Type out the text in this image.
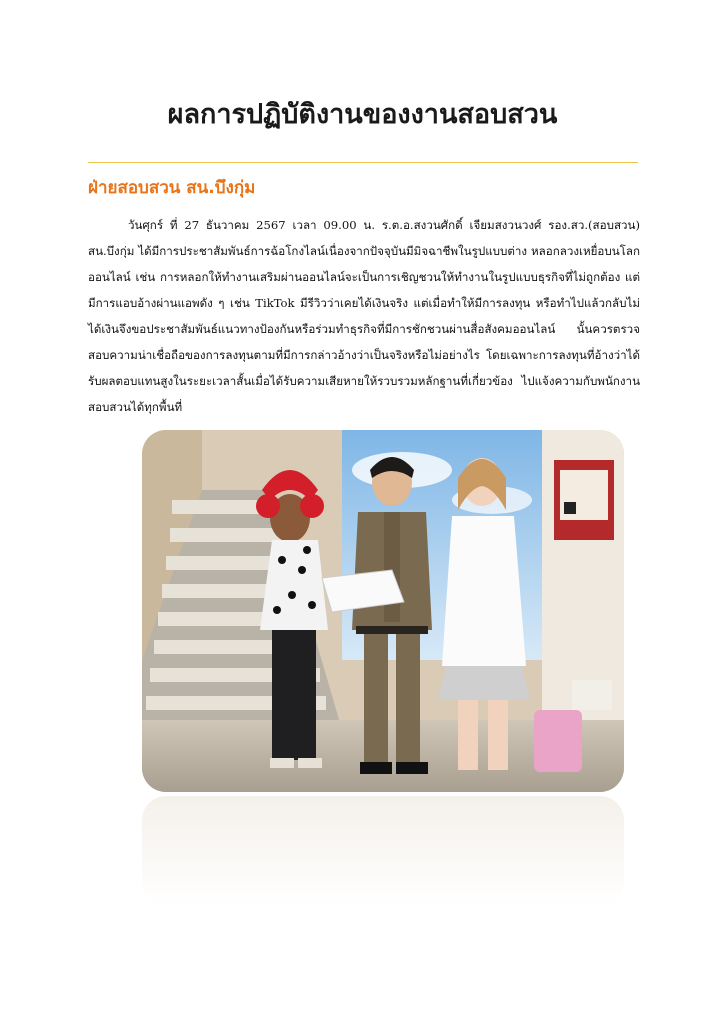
ผลการปฏิบัติงานของงานสอบสวน
ฝ่ายสอบสวน สน.บึงกุ่ม

วันศุกร์ ที่ 27 ธันวาคม 2567 เวลา 09.00 น. ร.ต.อ.สงวนศักดิ์ เจียมสงวนวงศ์ รอง.สว.(สอบสวน) สน.บึงกุ่ม ได้มีการประชาสัมพันธ์การฉ้อโกงไลน์เนื่องจากปัจจุบันมีมิจฉาชีพในรูปแบบต่าง หลอกลวงเหยื่อบนโลกออนไลน์ เช่น การหลอกให้ทำงานเสริมผ่านออนไลน์จะเป็นการเชิญชวนให้ทำงานในรูปแบบธุรกิจที่ไม่ถูกต้อง แต่มีการแอบอ้างผ่านแอพดัง ๆ เช่น TikTok มีรีวิวว่าเคยได้เงินจริง แต่เมื่อทำให้มีการลงทุน หรือทำไปแล้วกลับไม่ได้เงินจึงขอประชาสัมพันธ์แนวทางป้องกันหรือร่วมทำธุรกิจที่มีการชักชวนผ่านสื่อสังคมออนไลน์ นั้นควรตรวจสอบความน่าเชื่อถือของการลงทุนตามที่มีการกล่าวอ้างว่าเป็นจริงหรือไม่อย่างไร โดยเฉพาะการลงทุนที่อ้างว่าได้รับผลตอบแทนสูงในระยะเวลาสั้นเมื่อได้รับความเสียหายให้รวบรวมหลักฐานที่เกี่ยวข้อง ไปแจ้งความกับพนักงานสอบสวนได้ทุกพื้นที่
